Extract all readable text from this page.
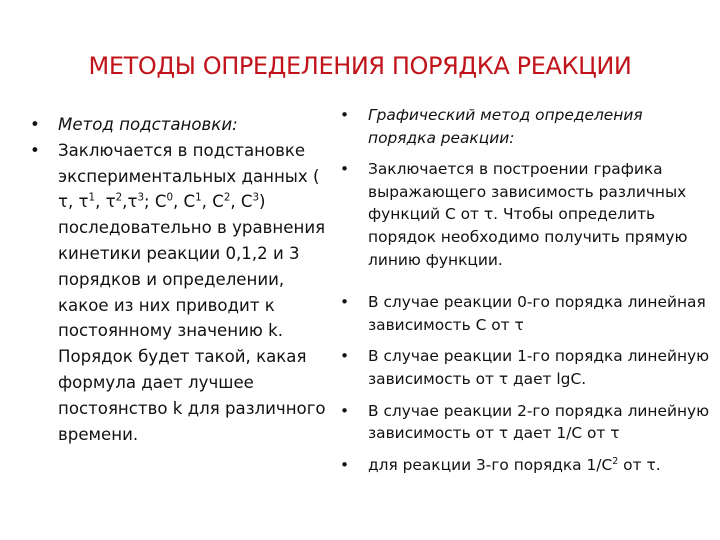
МЕТОДЫ ОПРЕДЕЛЕНИЯ ПОРЯДКА РЕАКЦИИ
• Метод подстановки:
• Заключается в подстановке экспериментальных данных ( τ, $\tau^1$, $\tau^2,\tau^3$; $C^0$, $C^1$, $C^2$, $C^3$) последовательно в уравнения кинетики реакции 0,1,2 и 3 порядков и определении, какое из них приводит к постоянному значению k. Порядок будет такой, какая формула дает лучшее постоянство k для различного времени.
• Графический метод определения порядка реакции:
• Заключается в построении графика выражающего зависимость различных функций С от τ. Чтобы определить порядок необходимо получить прямую линию функции.
• В случае реакции 0-го порядка линейная зависимость С от τ
• В случае реакции 1-го порядка линейную зависимость от τ дает lgC.
• В случае реакции 2-го порядка линейную зависимость от τ дает 1/С от τ
• для реакции 3-го порядка $1/С^2$ от τ.
